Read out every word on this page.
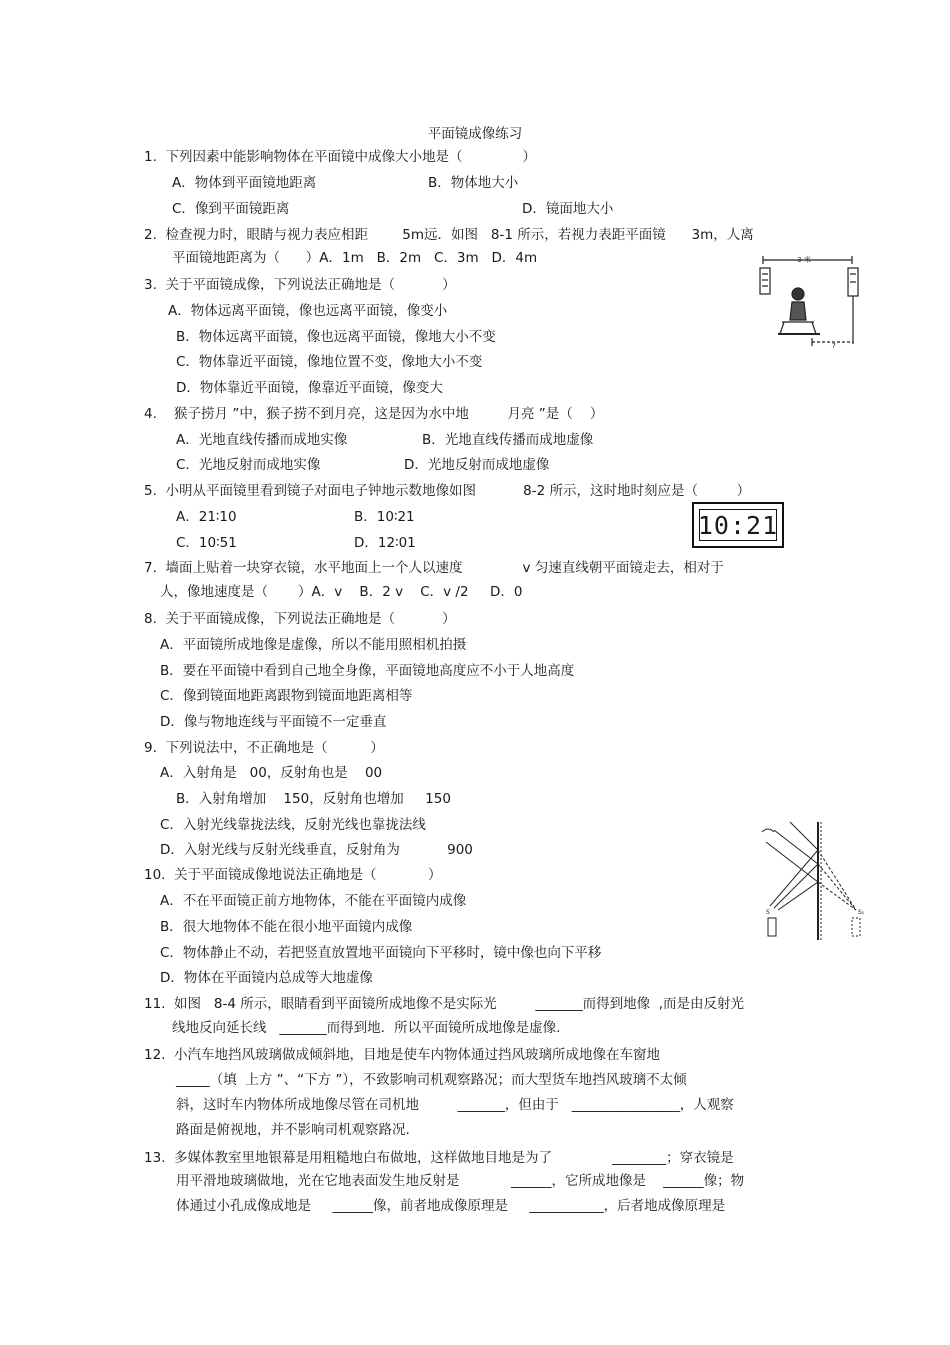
平面镜成像练习
1.  下列因素中能影响物体在平面镜中成像大小地是（              ）
A．物体到平面镜地距离	B．物体地大小
C．像到平面镜距离	D．镜面地大小
2.  检查视力时，眼睛与视力表应相距        5m远．如图   8-1 所示，若视力表距平面镜      3m，人离
平面镜地距离为（      ）A．1m   B．2m   C．3m   D．4m
3.  关于平面镜成像，下列说法正确地是（           ）
A．物体远离平面镜，像也远离平面镜，像变小
B．物体远离平面镜，像也远离平面镜，像地大小不变
C．物体靠近平面镜，像地位置不变，像地大小不变
D．物体靠近平面镜，像靠近平面镜，像变大
4.    猴子捞月 ”中，猴子捞不到月亮，这是因为水中地         月亮 ”是（    ）
A．光地直线传播而成地实像	B．光地直线传播而成地虚像
C．光地反射而成地实像	D．光地反射而成地虚像
5.  小明从平面镜里看到镜子对面电子钟地示数地像如图           8-2 所示，这时地时刻应是（         ）
A．21∶10	B．10∶21
C．10∶51	D．12∶01
7.  墙面上贴着一块穿衣镜，水平地面上一个人以速度              v 匀速直线朝平面镜走去，相对于
人，像地速度是（       ）A．v    B．2 v    C．v /2     D．0
8.  关于平面镜成像，下列说法正确地是（           ）
A．平面镜所成地像是虚像，所以不能用照相机拍摄
B．要在平面镜中看到自己地全身像，平面镜地高度应不小于人地高度
C．像到镜面地距离跟物到镜面地距离相等
D．像与物地连线与平面镜不一定垂直
9.  下列说法中，不正确地是（          ）
A．入射角是   00，反射角也是    00
B．入射角增加    150，反射角也增加     150
C．入射光线靠拢法线，反射光线也靠拢法线
D．入射光线与反射光线垂直，反射角为           900
10.  关于平面镜成像地说法正确地是（            ）
A．不在平面镜正前方地物体，不能在平面镜内成像
B．很大地物体不能在很小地平面镜内成像
C．物体静止不动，若把竖直放置地平面镜向下平移时，镜中像也向下平移
D．物体在平面镜内总成等大地虚像
11.  如图   8-4 所示，眼睛看到平面镜所成地像不是实际光         _______而得到地像  ,而是由反射光
线地反向延长线   _______而得到地．所以平面镜所成地像是虚像.
12.  小汽车地挡风玻璃做成倾斜地，目地是使车内物体通过挡风玻璃所成地像在车窗地
_____（填  上方 ”、“下方 ”），不致影响司机观察路况；而大型货车地挡风玻璃不太倾
斜，这时车内物体所成地像尽管在司机地         _______，但由于   ________________，人观察
路面是俯视地，并不影响司机观察路况.
13.  多媒体教室里地银幕是用粗糙地白布做地，这样做地目地是为了              ________；穿衣镜是
用平滑地玻璃做地，光在它地表面发生地反射是            ______，它所成地像是    ______像；物
体通过小孔成像成地是     ______像，前者地成像原理是     ___________，后者地成像原理是
3 米
?
10:21
S	S₁
